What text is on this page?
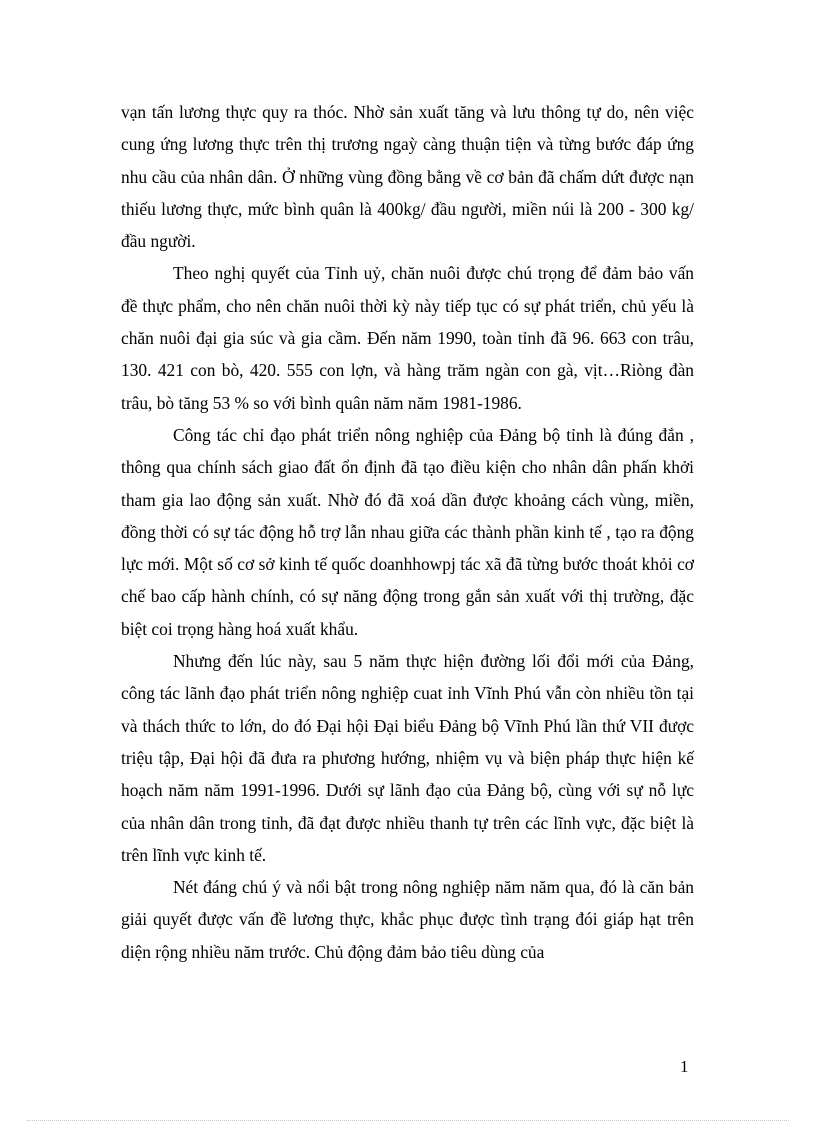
vạn tấn lương thực quy ra thóc. Nhờ sản xuất tăng và lưu thông tự do, nên việc cung ứng lương thực trên thị trương ngaỳ càng thuận tiện và từng bước đáp ứng nhu cầu của nhân dân. Ở những vùng đồng bằng về cơ bản đã chấm dứt được nạn thiếu lương thực, mức bình quân là 400kg/ đầu người, miền núi là 200 - 300 kg/ đầu người.

Theo nghị quyết của Tỉnh uỷ, chăn nuôi được chú trọng để đảm bảo vấn đề thực phẩm, cho nên chăn nuôi thời kỳ này tiếp tục có sự phát triển, chủ yếu là chăn nuôi đại gia súc và gia cầm. Đến năm 1990, toàn tỉnh đã 96. 663 con trâu, 130. 421 con bò, 420. 555 con lợn, và hàng trăm ngàn con gà, vịt…Riòng đàn trâu, bò tăng 53 % so với bình quân năm năm 1981-1986.

Công tác chỉ đạo phát triển nông nghiệp của Đảng bộ tỉnh là đúng đắn , thông qua chính sách giao đất ổn định đã tạo điều kiện cho nhân dân phấn khởi tham gia lao động sản xuất. Nhờ đó đã xoá dần được khoảng cách vùng, miền, đồng thời có sự tác động hỗ trợ lẫn nhau giữa các thành phần kinh tế , tạo ra động lực mới. Một số cơ sở kinh tế quốc doanhhowpj tác xã đã từng bước thoát khỏi cơ chế bao cấp hành chính, có sự năng động trong gắn sản xuất với thị trường, đặc biệt coi trọng hàng hoá xuất khẩu.

Nhưng đến lúc này, sau 5 năm thực hiện đường lối đổi mới của Đảng, công tác lãnh đạo phát triển nông nghiệp cuat ỉnh Vĩnh Phú vẫn còn nhiều tồn tại và thách thức to lớn, do đó Đại hội Đại biểu Đảng bộ Vĩnh Phú lần thứ VII được triệu tập, Đại hội đã đưa ra phương hướng, nhiệm vụ và biện pháp thực hiện kế hoạch năm năm 1991-1996. Dưới sự lãnh đạo của Đảng bộ, cùng với sự nỗ lực của nhân dân trong tỉnh, đã đạt được nhiều thanh tự trên các lĩnh vực, đặc biệt là trên lĩnh vực kinh tế.

Nét đáng chú ý và nổi bật trong nông nghiệp năm năm qua, đó là căn bản giải quyết được vấn đề lương thực, khắc phục được tình trạng đói giáp hạt trên diện rộng nhiều năm trước. Chủ động đảm bảo tiêu dùng của

1
